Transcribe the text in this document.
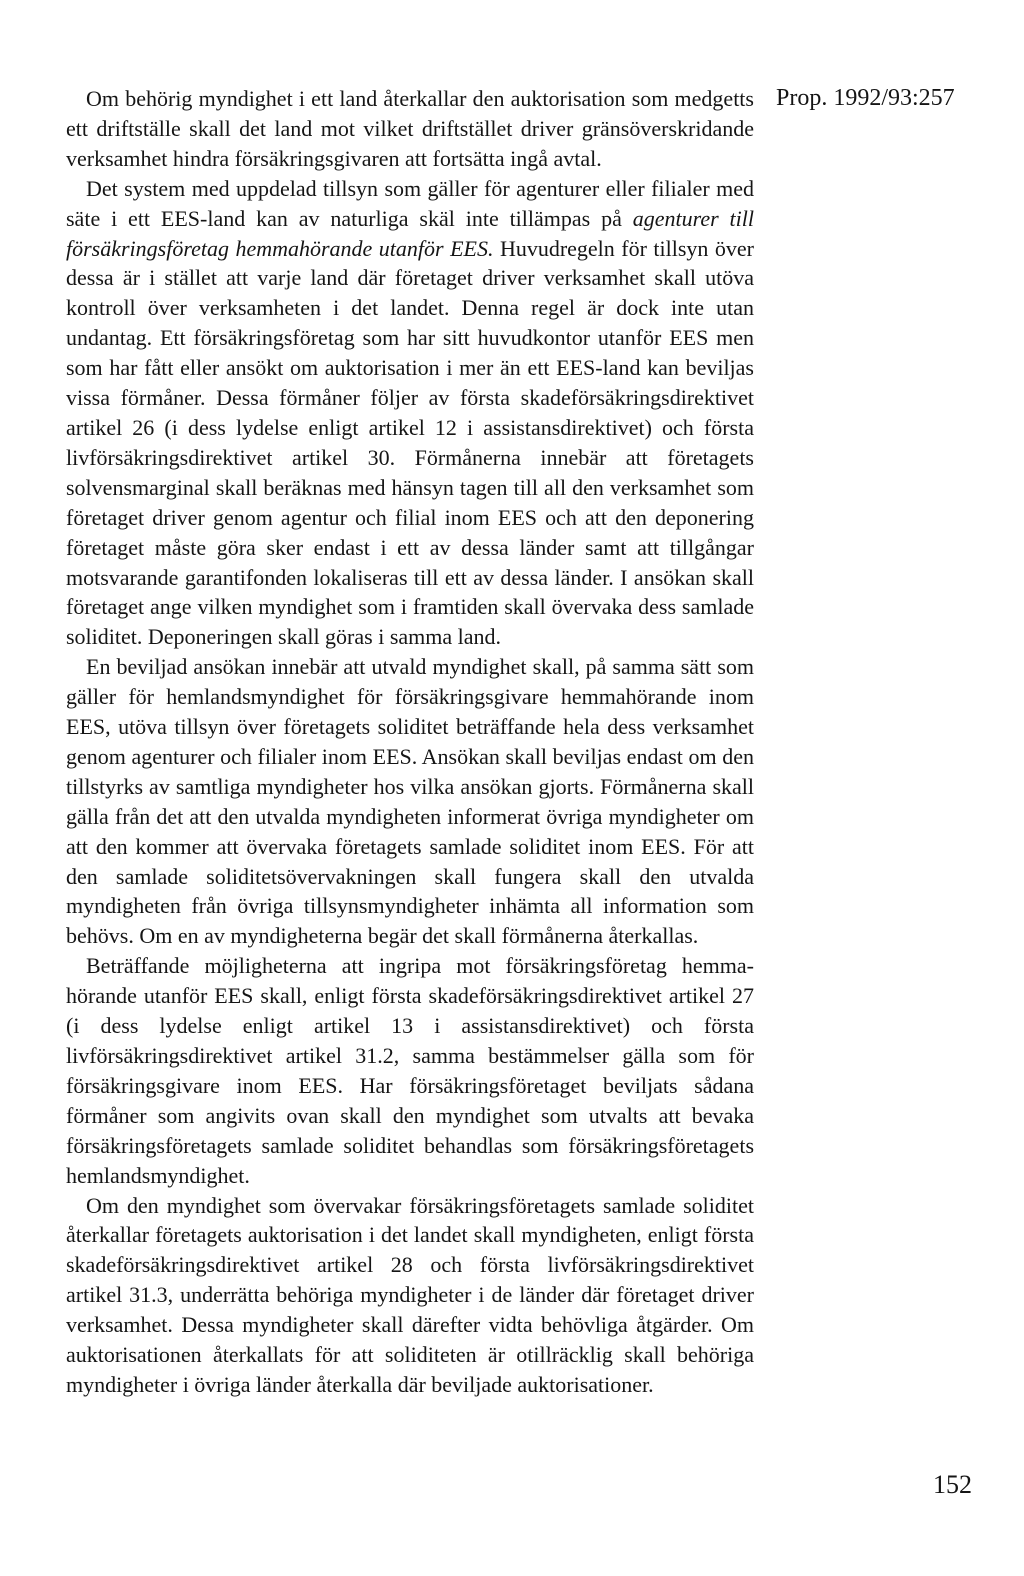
Prop. 1992/93:257

Om behörig myndighet i ett land återkallar den auktorisation som medgetts ett driftställe skall det land mot vilket driftstället driver gränsöverskridande verksamhet hindra försäkringsgivaren att fortsätta ingå avtal.

Det system med uppdelad tillsyn som gäller för agenturer eller filialer med säte i ett EES-land kan av naturliga skäl inte tillämpas på agenturer till försäkringsföretag hemmahörande utanför EES. Huvudregeln för tillsyn över dessa är i stället att varje land där företaget driver verksamhet skall utöva kontroll över verksamheten i det landet. Denna regel är dock inte utan undantag. Ett försäkringsföretag som har sitt huvudkontor utanför EES men som har fått eller ansökt om auktorisation i mer än ett EES-land kan beviljas vissa förmåner. Dessa förmåner följer av första skadeförsäkringsdirektivet artikel 26 (i dess lydelse enligt artikel 12 i assistansdirektivet) och första livförsäkringsdirektivet artikel 30. Förmånerna innebär att företagets solvensmarginal skall beräknas med hänsyn tagen till all den verksamhet som företaget driver genom agentur och filial inom EES och att den deponering företaget måste göra sker endast i ett av dessa länder samt att tillgångar motsvarande garantifonden lokaliseras till ett av dessa länder. I ansökan skall företaget ange vilken myndighet som i framtiden skall övervaka dess samlade soliditet. Deponeringen skall göras i samma land.

En beviljad ansökan innebär att utvald myndighet skall, på samma sätt som gäller för hemlandsmyndighet för försäkringsgivare hemmahörande inom EES, utöva tillsyn över företagets soliditet beträffande hela dess verksamhet genom agenturer och filialer inom EES. Ansökan skall beviljas endast om den tillstyrks av samtliga myndigheter hos vilka ansökan gjorts. Förmånerna skall gälla från det att den utvalda myndigheten informerat övriga myndigheter om att den kommer att övervaka företagets samlade soliditet inom EES. För att den samlade soliditetsövervakningen skall fungera skall den utvalda myndigheten från övriga tillsynsmyndigheter inhämta all information som behövs. Om en av myndigheterna begär det skall förmånerna återkallas.

Beträffande möjligheterna att ingripa mot försäkringsföretag hemmahörande utanför EES skall, enligt första skadeförsäkringsdirektivet artikel 27 (i dess lydelse enligt artikel 13 i assistansdirektivet) och första livförsäkringsdirektivet artikel 31.2, samma bestämmelser gälla som för försäkringsgivare inom EES. Har försäkringsföretaget beviljats sådana förmåner som angivits ovan skall den myndighet som utvalts att bevaka försäkringsföretagets samlade soliditet behandlas som försäkringsföretagets hemlandsmyndighet.

Om den myndighet som övervakar försäkringsföretagets samlade soliditet återkallar företagets auktorisation i det landet skall myndigheten, enligt första skadeförsäkringsdirektivet artikel 28 och första livförsäkringsdirektivet artikel 31.3, underrätta behöriga myndigheter i de länder där företaget driver verksamhet. Dessa myndigheter skall därefter vidta behövliga åtgärder. Om auktorisationen återkallats för att soliditeten är otillräcklig skall behöriga myndigheter i övriga länder återkalla där beviljade auktorisationer.

152
